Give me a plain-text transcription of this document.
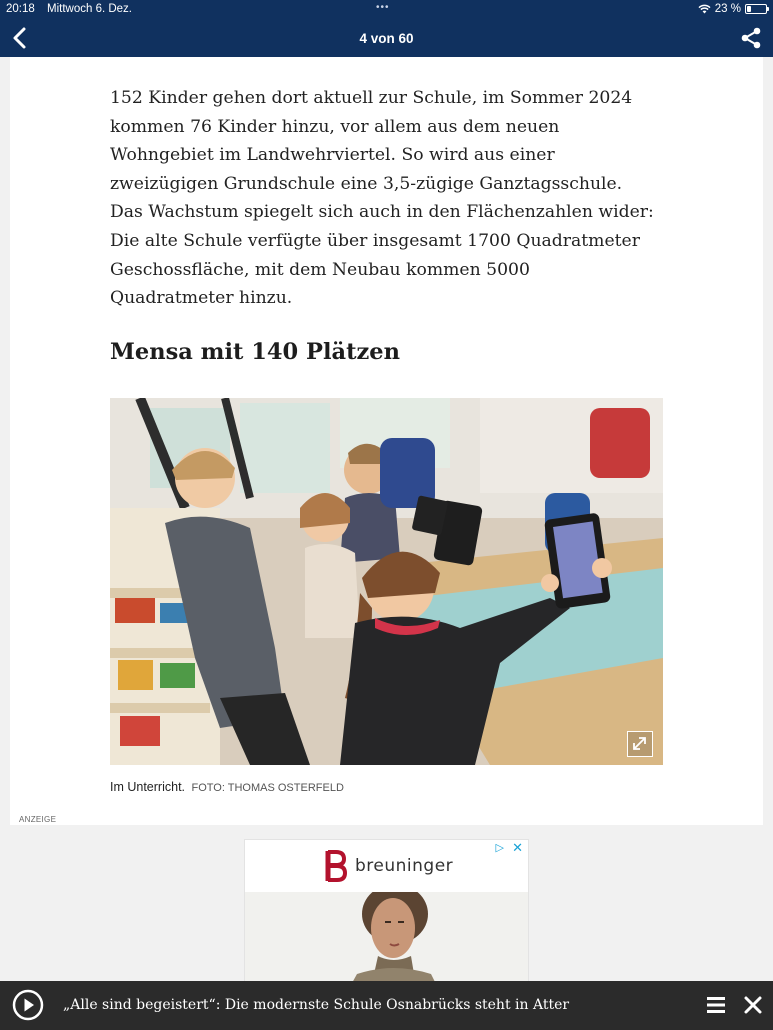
20:18 Mittwoch 6. Dez.	•••	23 %
4 von 60
152 Kinder gehen dort aktuell zur Schule, im Sommer 2024
kommen 76 Kinder hinzu, vor allem aus dem neuen
Wohngebiet im Landwehrviertel. So wird aus einer
zweizügigen Grundschule eine 3,5-zügige Ganztagsschule.
Das Wachstum spiegelt sich auch in den Flächenzahlen wider:
Die alte Schule verfügte über insgesamt 1700 Quadratmeter
Geschossfläche, mit dem Neubau kommen 5000
Quadratmeter hinzu.
Mensa mit 140 Plätzen
Im Unterricht. FOTO: THOMAS OSTERFELD
ANZEIGE
breuninger
▷ ✕
„Alle sind begeistert“: Die modernste Schule Osnabrücks steht in Atter
